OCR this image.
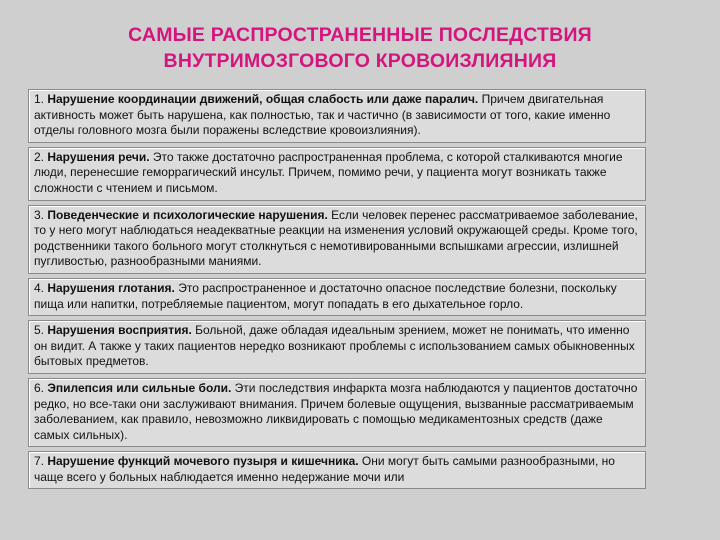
САМЫЕ РАСПРОСТРАНЕННЫЕ ПОСЛЕДСТВИЯ
ВНУТРИМОЗГОВОГО КРОВОИЗЛИЯНИЯ
1. Нарушение координации движений, общая слабость или даже паралич. Причем двигательная активность может быть нарушена, как полностью, так и частично (в зависимости от того, какие именно отделы головного мозга были поражены вследствие кровоизлияния).
2. Нарушения речи. Это также достаточно распространенная проблема, с которой сталкиваются многие люди, перенесшие геморрагический инсульт. Причем, помимо речи, у пациента могут возникать также сложности с чтением и письмом.
3. Поведенческие и психологические нарушения. Если человек перенес рассматриваемое заболевание, то у него могут наблюдаться неадекватные реакции на изменения условий окружающей среды. Кроме того, родственники такого больного могут столкнуться с немотивированными вспышками агрессии, излишней пугливостью, разнообразными маниями.
4. Нарушения глотания. Это распространенное и достаточно опасное последствие болезни, поскольку пища или напитки, потребляемые пациентом, могут попадать в его дыхательное горло.
5. Нарушения восприятия. Больной, даже обладая идеальным зрением, может не понимать, что именно он видит. А также у таких пациентов нередко возникают проблемы с использованием самых обыкновенных бытовых предметов.
6. Эпилепсия или сильные боли. Эти последствия инфаркта мозга наблюдаются у пациентов достаточно редко, но все-таки они заслуживают внимания. Причем болевые ощущения, вызванные рассматриваемым заболеванием, как правило, невозможно ликвидировать с помощью медикаментозных средств (даже самых сильных).
7. Нарушение функций мочевого пузыря и кишечника. Они могут быть самыми разнообразными, но чаще всего у больных наблюдается именно недержание мочи или
